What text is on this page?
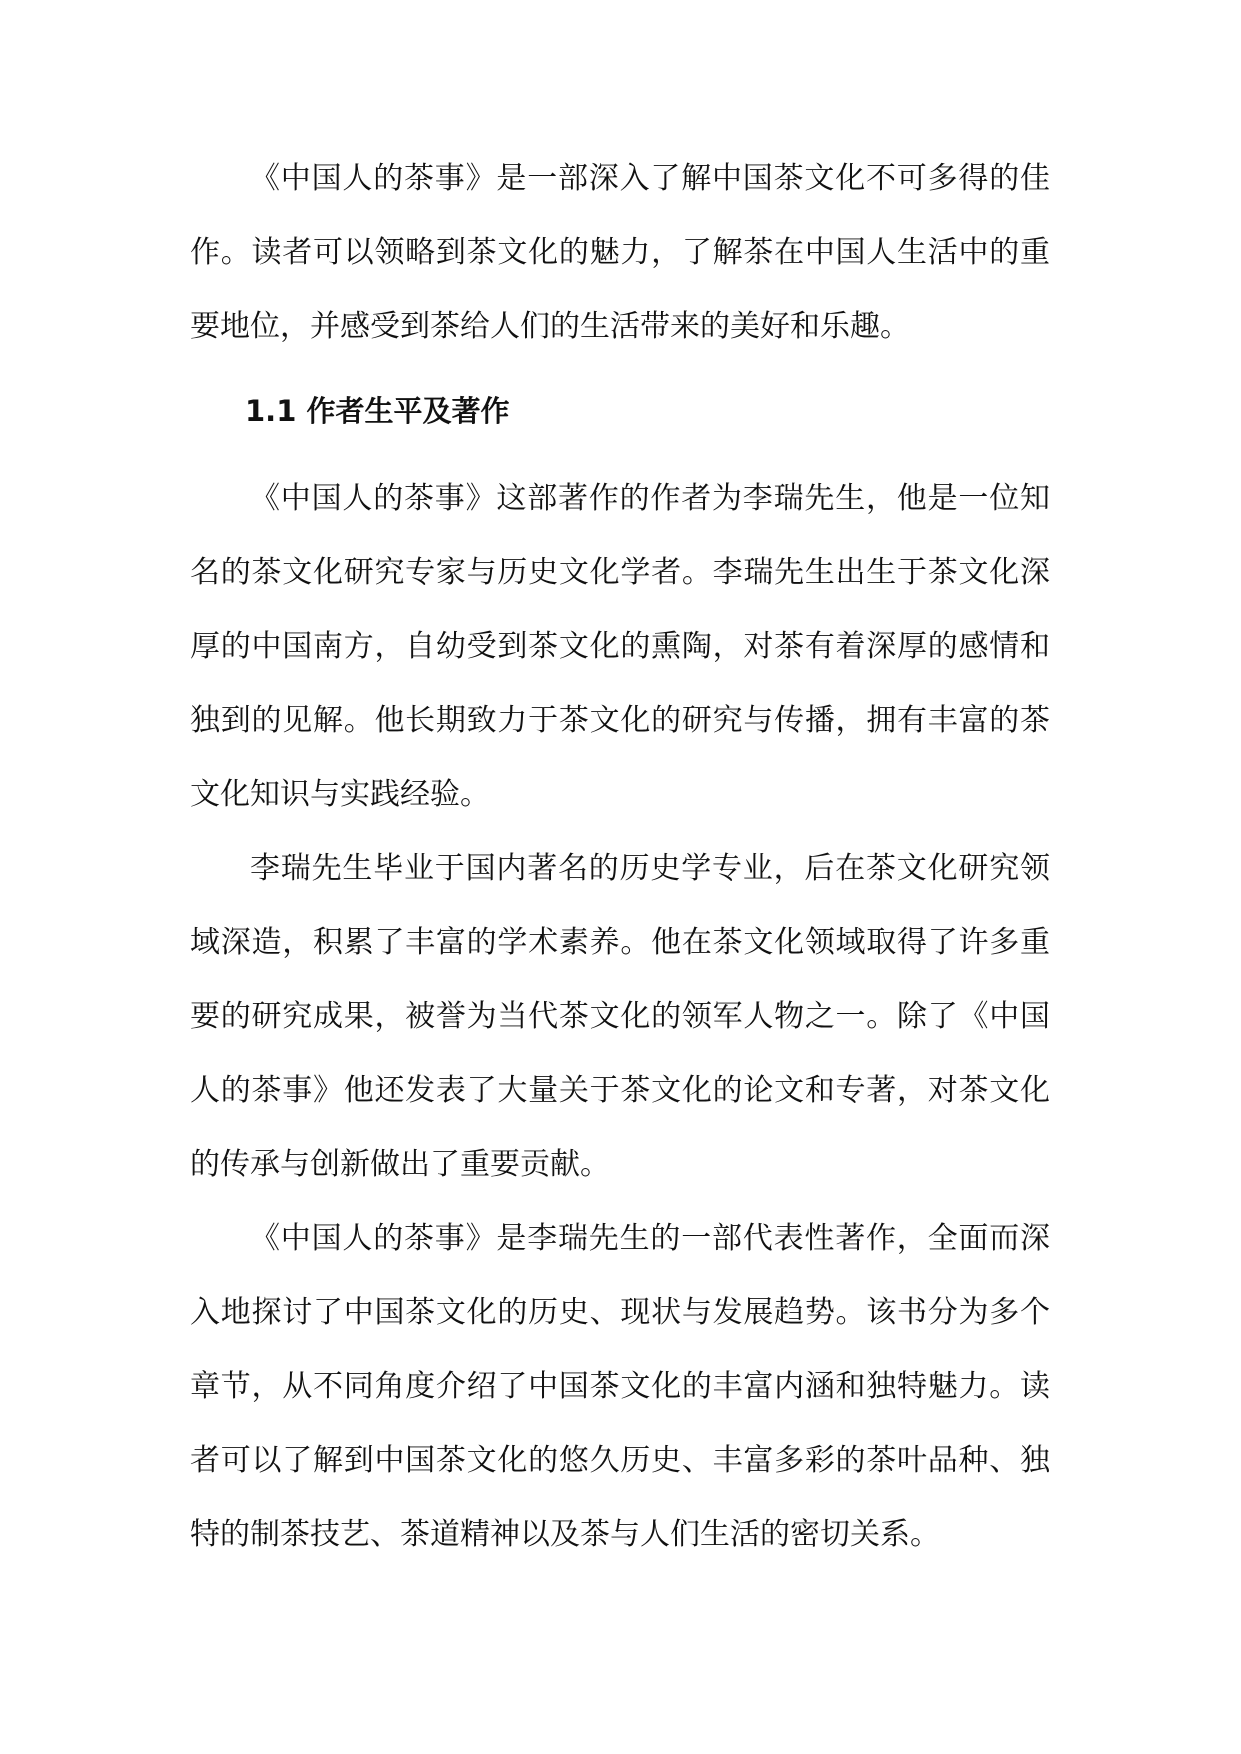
《中国人的茶事》是一部深入了解中国茶文化不可多得的佳作。读者可以领略到茶文化的魅力，了解茶在中国人生活中的重要地位，并感受到茶给人们的生活带来的美好和乐趣。

1.1 作者生平及著作

《中国人的茶事》这部著作的作者为李瑞先生，他是一位知名的茶文化研究专家与历史文化学者。李瑞先生出生于茶文化深厚的中国南方，自幼受到茶文化的熏陶，对茶有着深厚的感情和独到的见解。他长期致力于茶文化的研究与传播，拥有丰富的茶文化知识与实践经验。

李瑞先生毕业于国内著名的历史学专业，后在茶文化研究领域深造，积累了丰富的学术素养。他在茶文化领域取得了许多重要的研究成果，被誉为当代茶文化的领军人物之一。除了《中国人的茶事》他还发表了大量关于茶文化的论文和专著，对茶文化的传承与创新做出了重要贡献。

《中国人的茶事》是李瑞先生的一部代表性著作，全面而深入地探讨了中国茶文化的历史、现状与发展趋势。该书分为多个章节，从不同角度介绍了中国茶文化的丰富内涵和独特魅力。读者可以了解到中国茶文化的悠久历史、丰富多彩的茶叶品种、独特的制茶技艺、茶道精神以及茶与人们生活的密切关系。
